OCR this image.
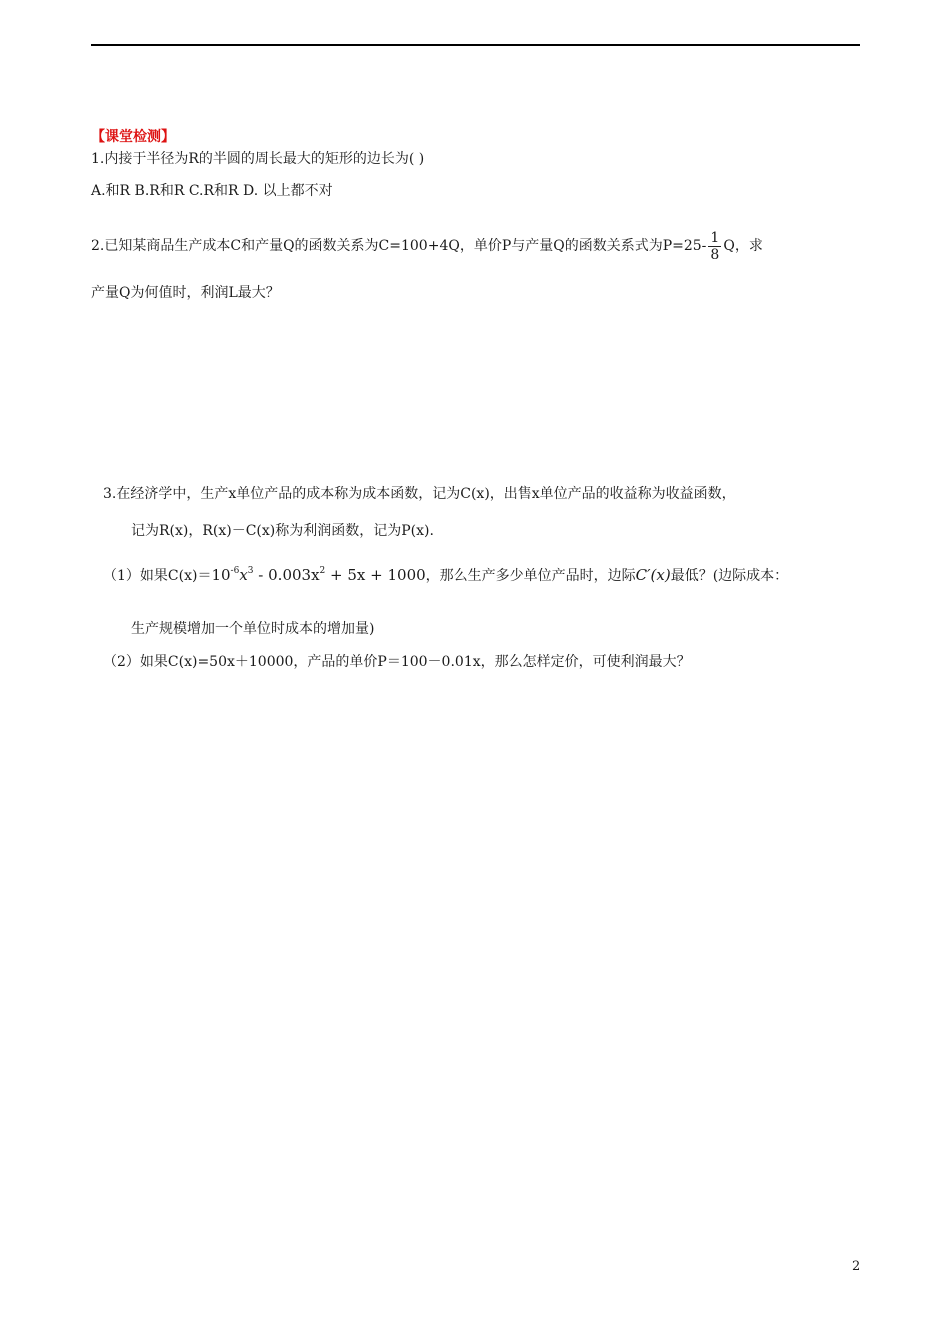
【课堂检测】
1.内接于半径为R的半圆的周长最大的矩形的边长为( )
A.和R B.R和R C.R和R D. 以上都不对
2.已知某商品生产成本C和产量Q的函数关系为C=100+4Q，单价P与产量Q的函数关系式为$P=25- \frac{1}{8}$ Q，求
产量Q为何值时，利润L最大？
3.在经济学中，生产x单位产品的成本称为成本函数，记为C(x)，出售x单位产品的收益称为收益函数，
记为R(x)，R(x)－C(x)称为利润函数，记为P(x).
（1）如果$C(x)=10^{-6}x^3 - 0.003x^2 + 5x + 1000$，那么生产多少单位产品时，边际C′(x)最低？(边际成本：
生产规模增加一个单位时成本的增加量)
（2）如果C(x)=50x＋10000，产品的单价P＝100－0.01x，那么怎样定价，可使利润最大？
2
